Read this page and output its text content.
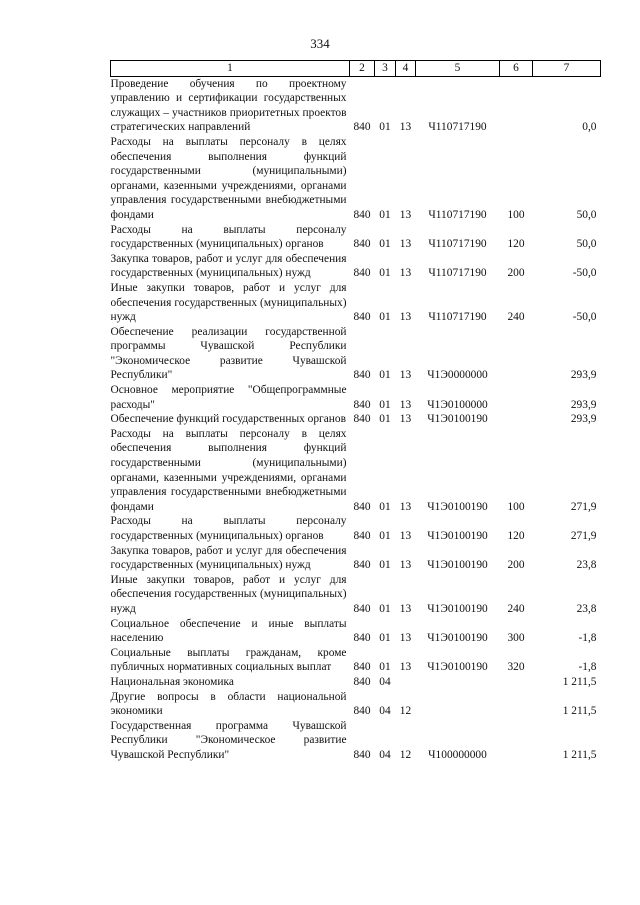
334
1	2	3	4	5	6	7
Проведение обучения по проектному управлению и сертификации государственных служащих – участников приоритетных проектов стратегических направлений	840	01	13	Ч110717190		0,0
Расходы на выплаты персоналу в целях обеспечения выполнения функций государственными (муниципальными) органами, казенными учреждениями, органами управления государственными внебюджетными фондами	840	01	13	Ч110717190	100	50,0
Расходы на выплаты персоналу государственных (муниципальных) органов	840	01	13	Ч110717190	120	50,0
Закупка товаров, работ и услуг для обеспечения государственных (муниципальных) нужд	840	01	13	Ч110717190	200	-50,0
Иные закупки товаров, работ и услуг для обеспечения государственных (муниципальных) нужд	840	01	13	Ч110717190	240	-50,0
Обеспечение реализации государственной программы Чувашской Республики "Экономическое развитие Чувашской Республики"	840	01	13	Ч1Э0000000		293,9
Основное мероприятие "Общепрограммные расходы"	840	01	13	Ч1Э0100000		293,9
Обеспечение функций государственных органов	840	01	13	Ч1Э0100190		293,9
Расходы на выплаты персоналу в целях обеспечения выполнения функций государственными (муниципальными) органами, казенными учреждениями, органами управления государственными внебюджетными фондами	840	01	13	Ч1Э0100190	100	271,9
Расходы на выплаты персоналу государственных (муниципальных) органов	840	01	13	Ч1Э0100190	120	271,9
Закупка товаров, работ и услуг для обеспечения государственных (муниципальных) нужд	840	01	13	Ч1Э0100190	200	23,8
Иные закупки товаров, работ и услуг для обеспечения государственных (муниципальных) нужд	840	01	13	Ч1Э0100190	240	23,8
Социальное обеспечение и иные выплаты населению	840	01	13	Ч1Э0100190	300	-1,8
Социальные выплаты гражданам, кроме публичных нормативных социальных выплат	840	01	13	Ч1Э0100190	320	-1,8
Национальная экономика	840	04				1 211,5
Другие вопросы в области национальной экономики	840	04	12			1 211,5
Государственная программа Чувашской Республики "Экономическое развитие Чувашской Республики"	840	04	12	Ч100000000		1 211,5
